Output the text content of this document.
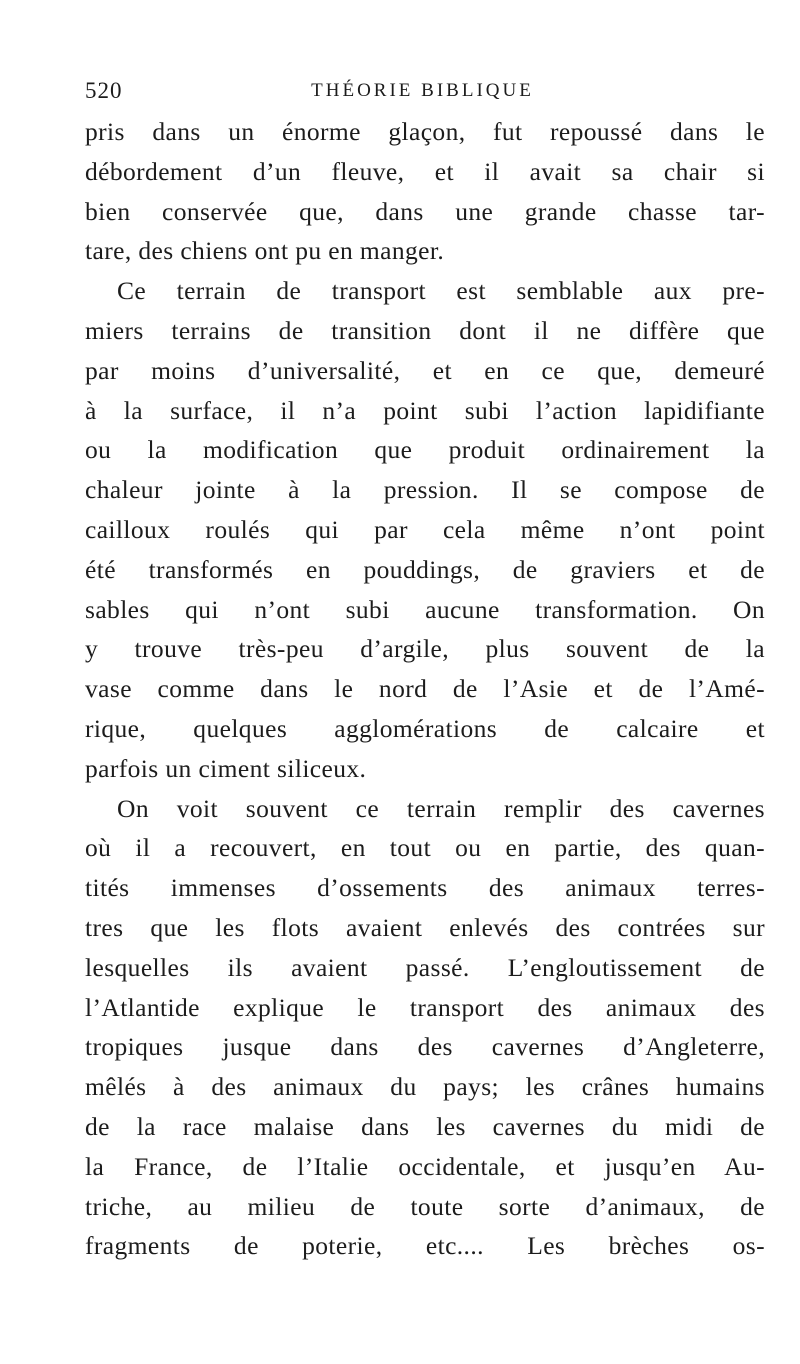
520	THÉORIE BIBLIQUE
pris dans un énorme glaçon, fut repoussé dans le
débordement d’un fleuve, et il avait sa chair si
bien conservée que, dans une grande chasse tar-
tare, des chiens ont pu en manger.
Ce terrain de transport est semblable aux pre-
miers terrains de transition dont il ne diffère que
par moins d’universalité, et en ce que, demeuré
à la surface, il n’a point subi l’action lapidifiante
ou la modification que produit ordinairement la
chaleur jointe à la pression. Il se compose de
cailloux roulés qui par cela même n’ont point
été transformés en pouddings, de graviers et de
sables qui n’ont subi aucune transformation. On
y trouve très-peu d’argile, plus souvent de la
vase comme dans le nord de l’Asie et de l’Amé-
rique, quelques agglomérations de calcaire et
parfois un ciment siliceux.
On voit souvent ce terrain remplir des cavernes
où il a recouvert, en tout ou en partie, des quan-
tités immenses d’ossements des animaux terres-
tres que les flots avaient enlevés des contrées sur
lesquelles ils avaient passé. L’engloutissement de
l’Atlantide explique le transport des animaux des
tropiques jusque dans des cavernes d’Angleterre,
mêlés à des animaux du pays; les crânes humains
de la race malaise dans les cavernes du midi de
la France, de l’Italie occidentale, et jusqu’en Au-
triche, au milieu de toute sorte d’animaux, de
fragments de poterie, etc.... Les brèches os-
